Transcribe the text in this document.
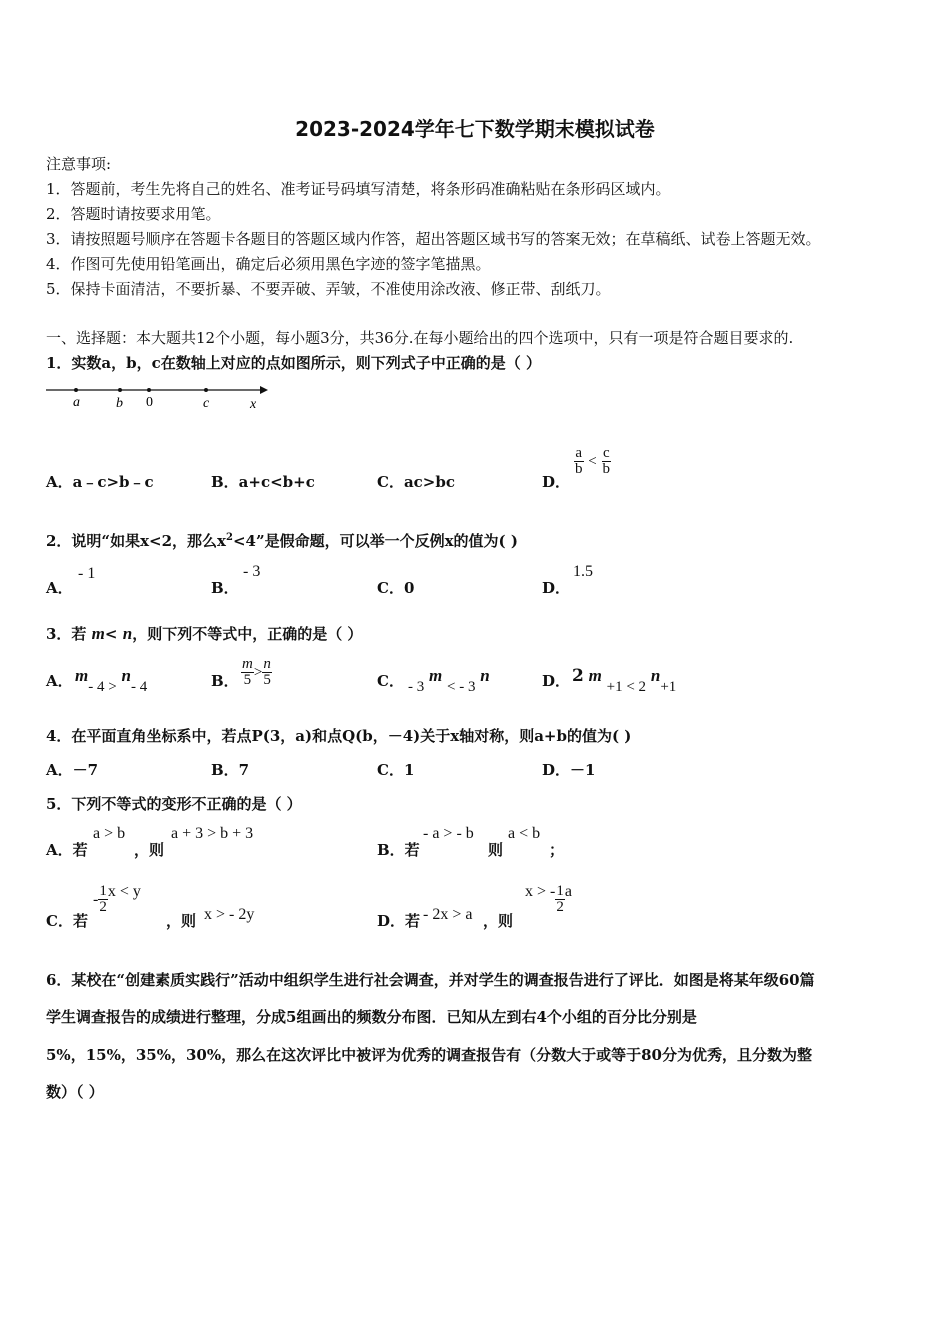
2023-2024学年七下数学期末模拟试卷
注意事项:
1．答题前，考生先将自己的姓名、准考证号码填写清楚，将条形码准确粘贴在条形码区域内。
2．答题时请按要求用笔。
3．请按照题号顺序在答题卡各题目的答题区域内作答，超出答题区域书写的答案无效；在草稿纸、试卷上答题无效。
4．作图可先使用铅笔画出，确定后必须用黑色字迹的签字笔描黑。
5．保持卡面清洁，不要折暴、不要弄破、弄皱，不准使用涂改液、修正带、刮纸刀。
一、选择题：本大题共12个小题，每小题3分，共36分.在每小题给出的四个选项中，只有一项是符合题目要求的.
1．实数a，b，c在数轴上对应的点如图所示，则下列式子中正确的是（ ）
a	b 0	c	x
A．a﹣c>b﹣c	B．a+c<b+c	C．ac>bc	D．
$\frac{a}{b} < \frac{c}{b}$
2．说明“如果x<2，那么$x^2<4$”是假命题，可以举一个反例x的值为( )
A．
- 1
B．
- 3
C．0	D．
1.5
3．若 m< n，则下列不等式中，正确的是（ ）
A． m- 4 > n- 4	B． $\frac{m}{5} > \frac{n}{5}$	C． - 3 m < - 3 n	D． 2 m +1 < 2 n+1
4．在平面直角坐标系中，若点P(3，a)和点Q(b，－4)关于x轴对称，则a+b的值为( )
A．－7	B．7	C．1	D．－1
5．下列不等式的变形不正确的是（ ）
A．若
a > b
，则
a + 3 > b + 3
B．若
- a > - b
则
a < b
；
C．若
- $\frac{1}{2}$ x < y
，则 x > - 2y	D．若 - 2x > a ，则
x > - $\frac{1}{2}$ a
6．某校在“创建素质实践行”活动中组织学生进行社会调查，并对学生的调查报告进行了评比．如图是将某年级60篇
学生调查报告的成绩进行整理，分成5组画出的频数分布图．已知从左到右4个小组的百分比分别是
5%，15%，35%，30%，那么在这次评比中被评为优秀的调查报告有（分数大于或等于80分为优秀，且分数为整
数）（ ）
